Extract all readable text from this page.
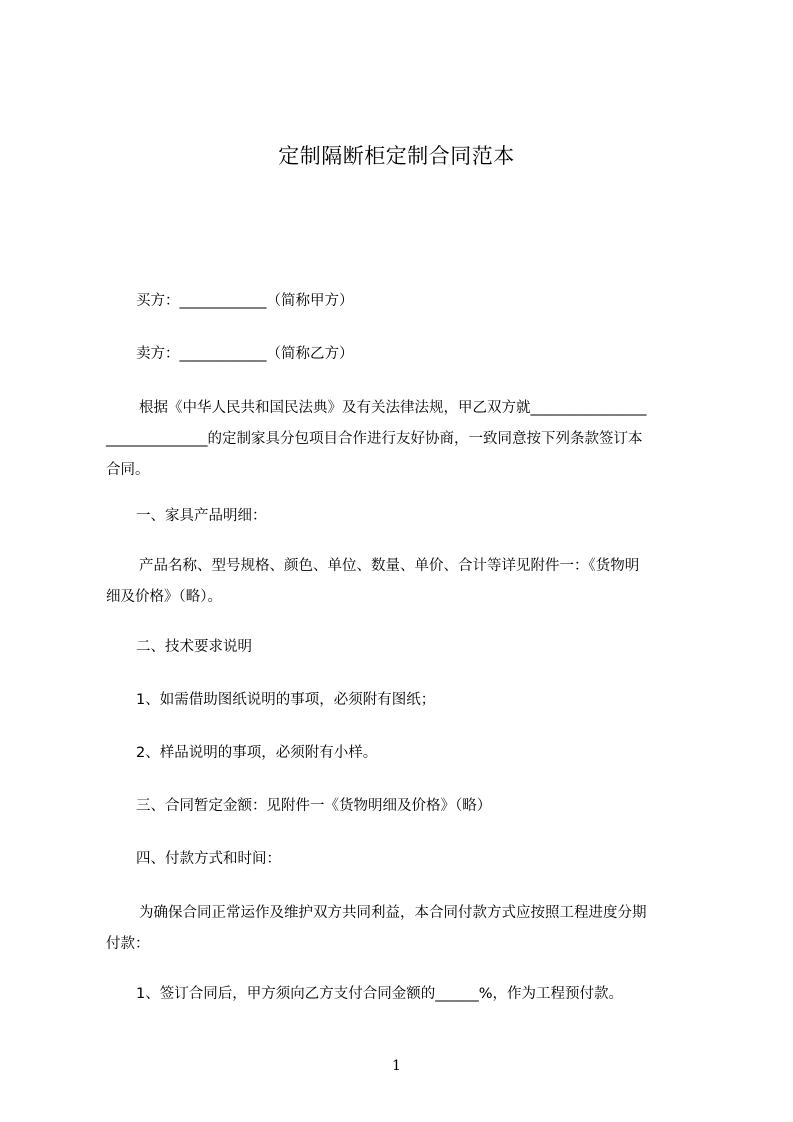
定制隔断柜定制合同范本
买方：____________（简称甲方）
卖方：____________（简称乙方）
根据《中华人民共和国民法典》及有关法律法规，甲乙双方就________________
______________的定制家具分包项目合作进行友好协商，一致同意按下列条款签订本
合同。
一、家具产品明细：
产品名称、型号规格、颜色、单位、数量、单价、合计等详见附件一：《货物明
细及价格》（略）。
二、技术要求说明
1、如需借助图纸说明的事项，必须附有图纸；
2、样品说明的事项，必须附有小样。
三、合同暂定金额：见附件一《货物明细及价格》（略）
四、付款方式和时间：
为确保合同正常运作及维护双方共同利益，本合同付款方式应按照工程进度分期
付款：
1、签订合同后，甲方须向乙方支付合同金额的______%，作为工程预付款。
1
